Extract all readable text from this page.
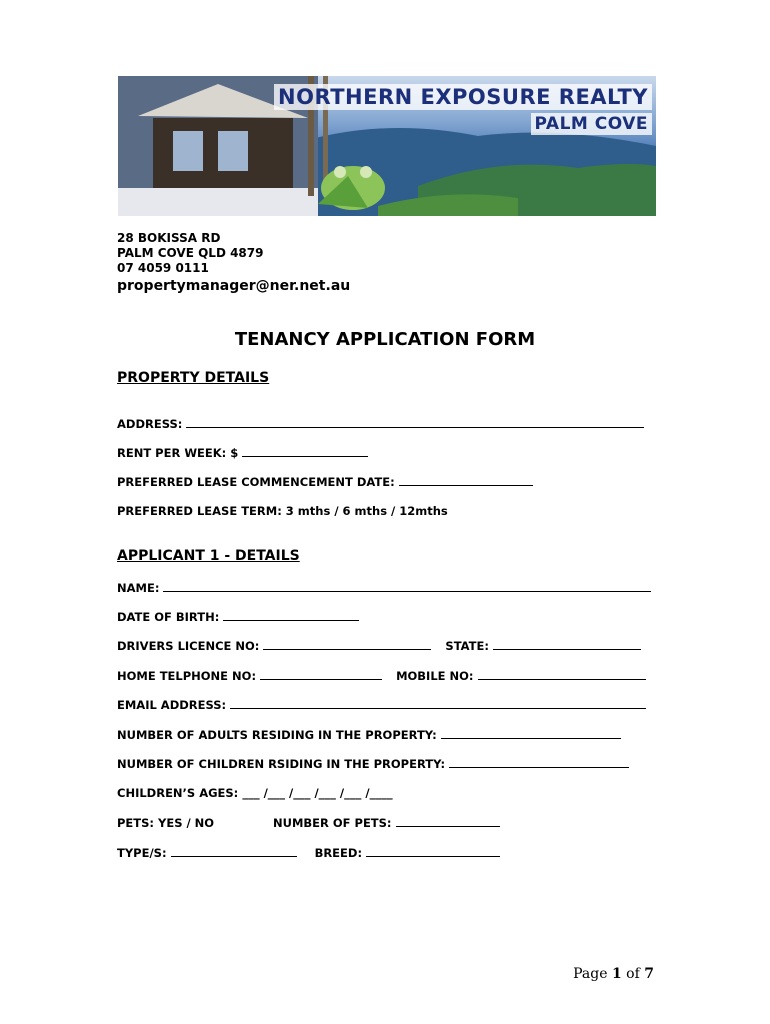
NORTHERN EXPOSURE REALTY
PALM COVE
28 BOKISSA RD
PALM COVE QLD 4879
07 4059 0111
propertymanager@ner.net.au
TENANCY APPLICATION FORM
PROPERTY DETAILS
ADDRESS:
RENT PER WEEK: $
PREFERRED LEASE COMMENCEMENT DATE:
PREFERRED LEASE TERM: 3 mths / 6 mths / 12mths
APPLICANT 1 - DETAILS
NAME:
DATE OF BIRTH:
DRIVERS LICENCE NO:	STATE:
HOME TELPHONE NO:	MOBILE NO:
EMAIL ADDRESS:
NUMBER OF ADULTS RESIDING IN THE PROPERTY:
NUMBER OF CHILDREN RSIDING IN THE PROPERTY:
CHILDREN’S AGES: ___ /___ /___ /___ /___ /____
PETS: YES / NO	NUMBER OF PETS:
TYPE/S:	BREED:
Page 1 of 7
